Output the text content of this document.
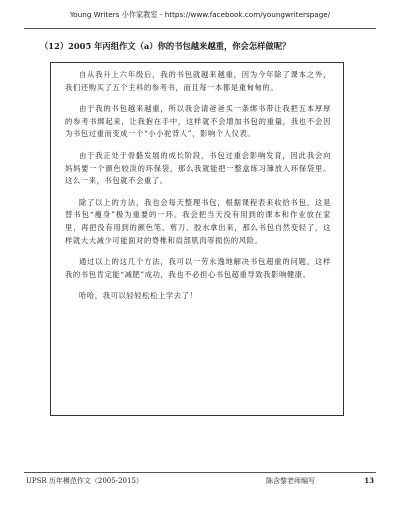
Young Writers 小作家教室 - https://www.facebook.com/youngwriterspage/
（12）2005 年丙组作文（a）你的书包越来越重，你会怎样做呢？

自从我升上六年级后，我的书包就越来越重，因为今年除了课本之外，我们还购买了五个主科的参考书，而且每一本都是重甸甸的。

由于我的书包越来越重，所以我会请爸爸买一条绑书带让我把五本厚厚的参考书绑起来，让我抱在手中，这样就不会增加书包的重量，我也不会因为书包过重而变成一个“小小驼背人”，影响个人仪表。

由于我正处于骨骼发展的成长阶段，书包过重会影响发育，因此我会向妈妈要一个颜色较淡的环保袋，那么我就能把一整盒练习簿放入环保袋里。这么一来，书包就不会重了。

除了以上的方法，我也会每天整理书包，根据课程表来收拾书包，这是替书包“瘦身”极为重要的一环。我会把当天没有用到的课本和作业放在家里，再把没有用到的颜色笔、剪刀、胶水拿出来，那么书包自然变轻了，这样就大大减少可能面对的脊椎和肩部肌肉等损伤的风险。

通过以上的这几个方法，我可以一劳永逸地解决书包超重的问题，这样我的书包肯定能“减肥”成功，我也不必担心书包超重导致我影响健康。

哈哈，我可以轻轻松松上学去了！

UPSR 历年模范作文（2005-2015）	陈含黎老师编写	13
